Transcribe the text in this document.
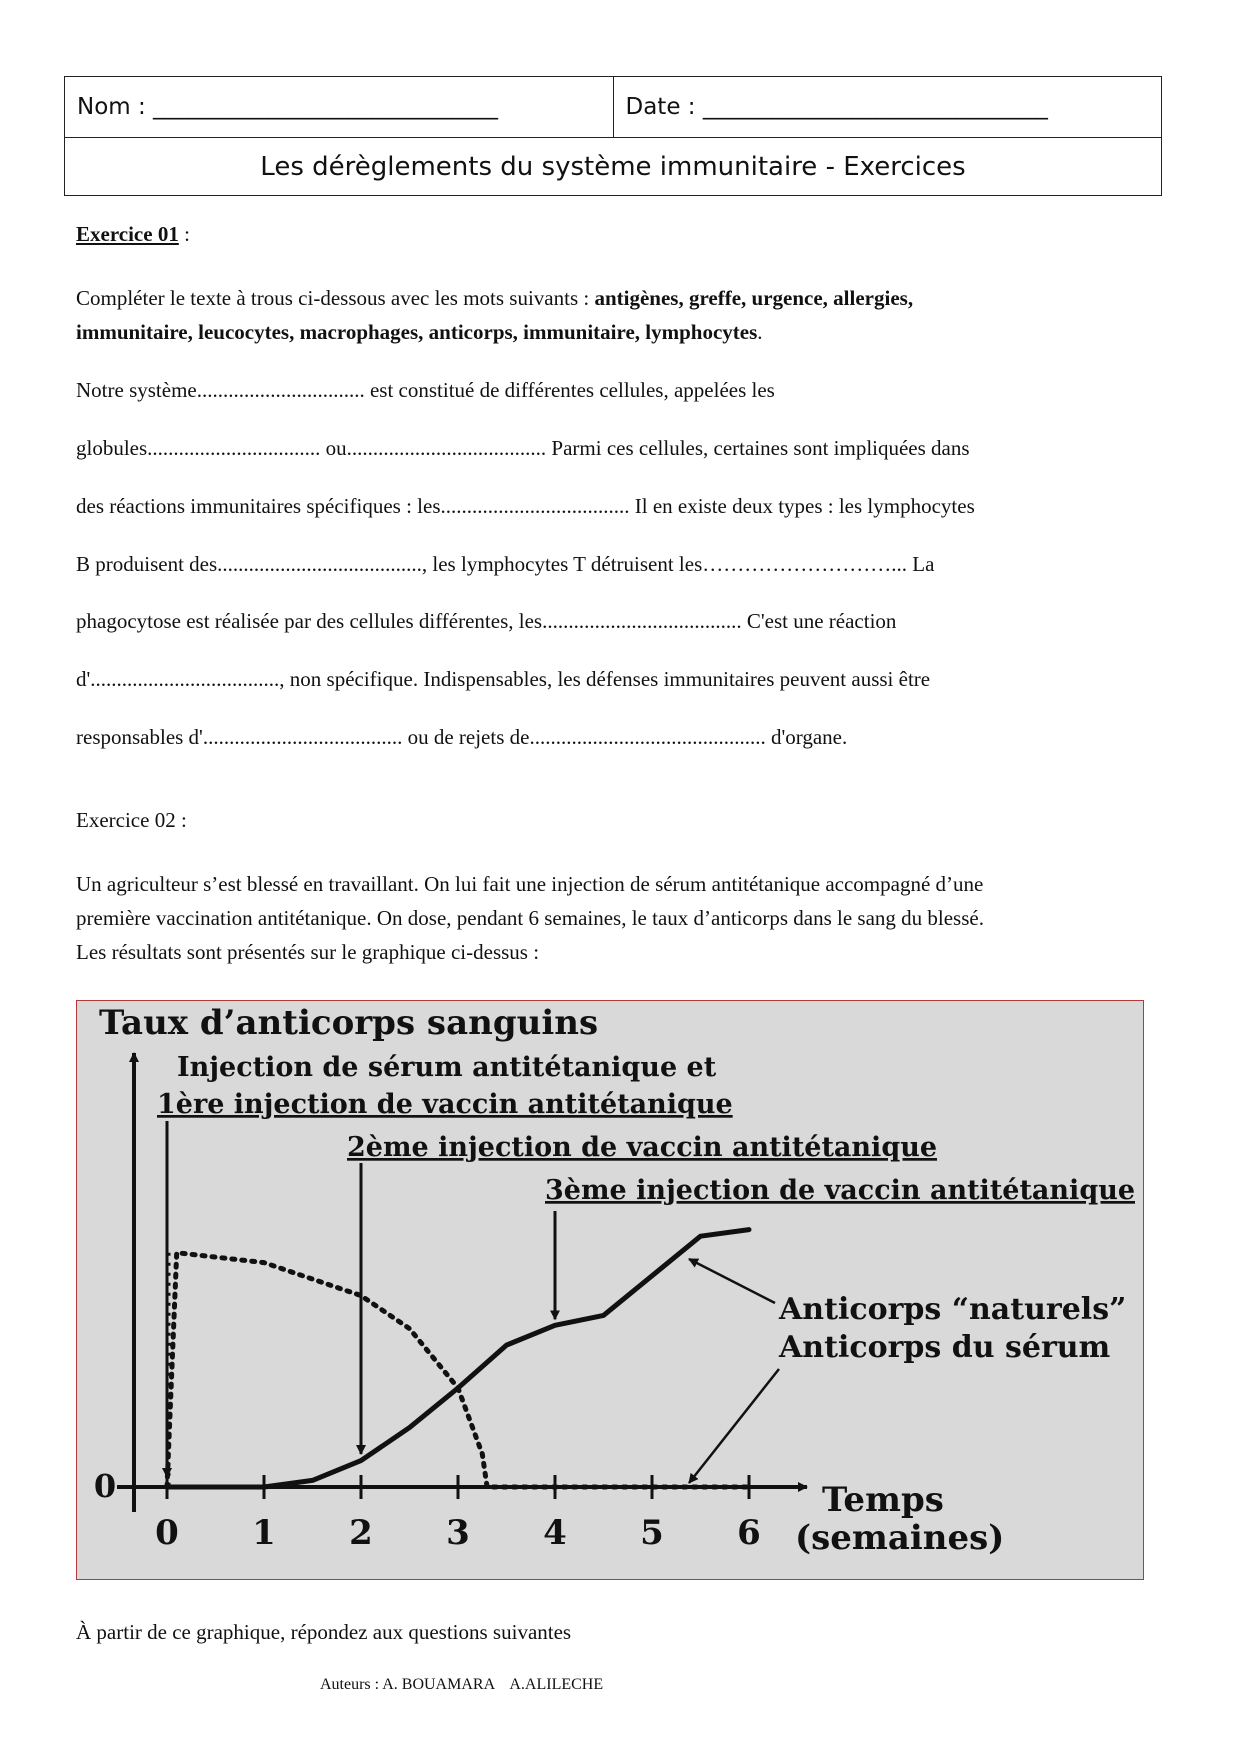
Nom : ______________________________	Date : ______________________________
Les dérèglements du système immunitaire - Exercices
Exercice 01 :

Compléter le texte à trous ci-dessous avec les mots suivants : antigènes, greffe, urgence, allergies,
immunitaire, leucocytes, macrophages, anticorps, immunitaire, lymphocytes.

Notre système................................ est constitué de différentes cellules, appelées les
globules................................. ou...................................... Parmi ces cellules, certaines sont impliquées dans
des réactions immunitaires spécifiques : les.................................... Il en existe deux types : les lymphocytes
B produisent des......................................., les lymphocytes T détruisent les………………………... La
phagocytose est réalisée par des cellules différentes, les...................................... C'est une réaction
d'...................................., non spécifique. Indispensables, les défenses immunitaires peuvent aussi être
responsables d'...................................... ou de rejets de............................................. d'organe.
Exercice 02 :
Un agriculteur s’est blessé en travaillant. On lui fait une injection de sérum antitétanique accompagné d’une
première vaccination antitétanique. On dose, pendant 6 semaines, le taux d’anticorps dans le sang du blessé.
Les résultats sont présentés sur le graphique ci-dessus :
0 1 2 3 4 5 6
0
Injection de sérum antitétanique et
1ère injection de vaccin antitétanique
2ème injection de vaccin antitétanique
3ème injection de vaccin antitétanique
Anticorps “naturels”
Anticorps du sérum
Taux d’anticorps sanguins
Temps
(semaines)
À partir de ce graphique, répondez aux questions suivantes
Auteurs : A. BOUAMARA    A.ALILECHE
